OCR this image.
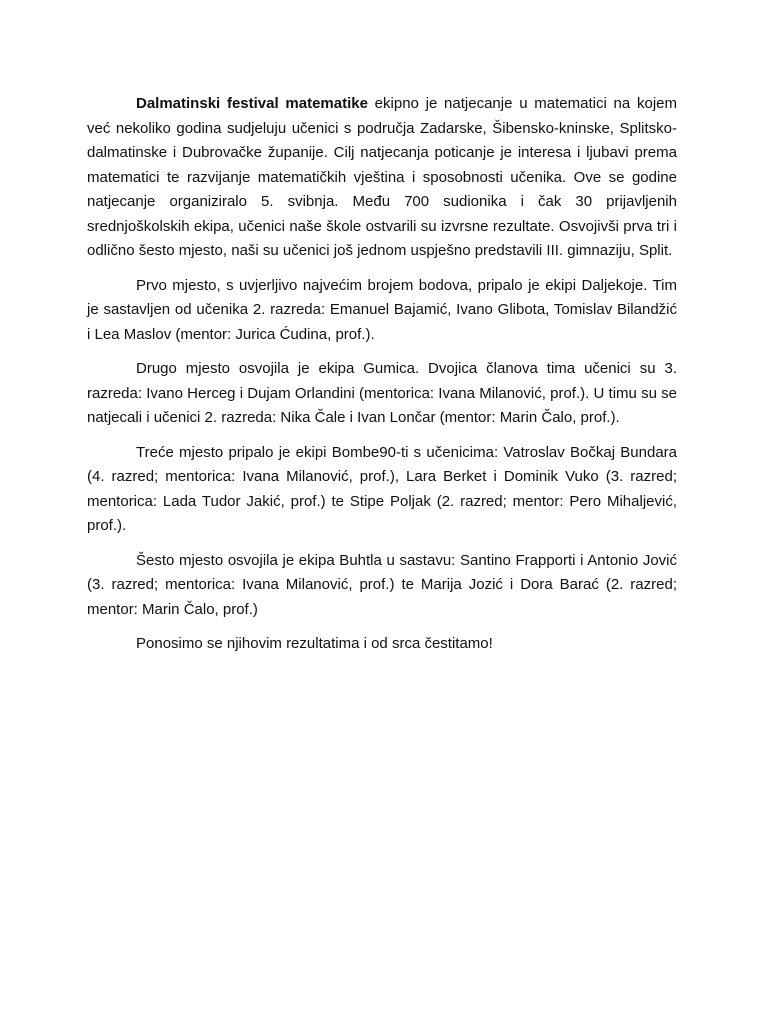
Dalmatinski festival matematike ekipno je natjecanje u matematici na kojem već nekoliko godina sudjeluju učenici s područja Zadarske, Šibensko-kninske, Splitsko-dalmatinske i Dubrovačke županije. Cilj natjecanja poticanje je interesa i ljubavi prema matematici te razvijanje matematičkih vještina i sposobnosti učenika. Ove se godine natjecanje organiziralo 5. svibnja. Među 700 sudionika i čak 30 prijavljenih srednjoškolskih ekipa, učenici naše škole ostvarili su izvrsne rezultate. Osvojivši prva tri i odlično šesto mjesto, naši su učenici još jednom uspješno predstavili III. gimnaziju, Split.

Prvo mjesto, s uvjerljivo najvećim brojem bodova, pripalo je ekipi Daljekoje. Tim je sastavljen od učenika 2. razreda: Emanuel Bajamić, Ivano Glibota, Tomislav Bilandžić i Lea Maslov (mentor: Jurica Ćudina, prof.).

Drugo mjesto osvojila je ekipa Gumica. Dvojica članova tima učenici su 3. razreda: Ivano Herceg i Dujam Orlandini (mentorica: Ivana Milanović, prof.). U timu su se natjecali i učenici 2. razreda: Nika Čale i Ivan Lončar (mentor: Marin Čalo, prof.).

Treće mjesto pripalo je ekipi Bombe90-ti s učenicima: Vatroslav Bočkaj Bundara (4. razred; mentorica: Ivana Milanović, prof.), Lara Berket i Dominik Vuko (3. razred; mentorica: Lada Tudor Jakić, prof.) te Stipe Poljak (2. razred; mentor: Pero Mihaljević, prof.).

Šesto mjesto osvojila je ekipa Buhtla u sastavu: Santino Frapporti i Antonio Jović (3. razred; mentorica: Ivana Milanović, prof.) te Marija Jozić i Dora Barać (2. razred; mentor: Marin Čalo, prof.)

Ponosimo se njihovim rezultatima i od srca čestitamo!
